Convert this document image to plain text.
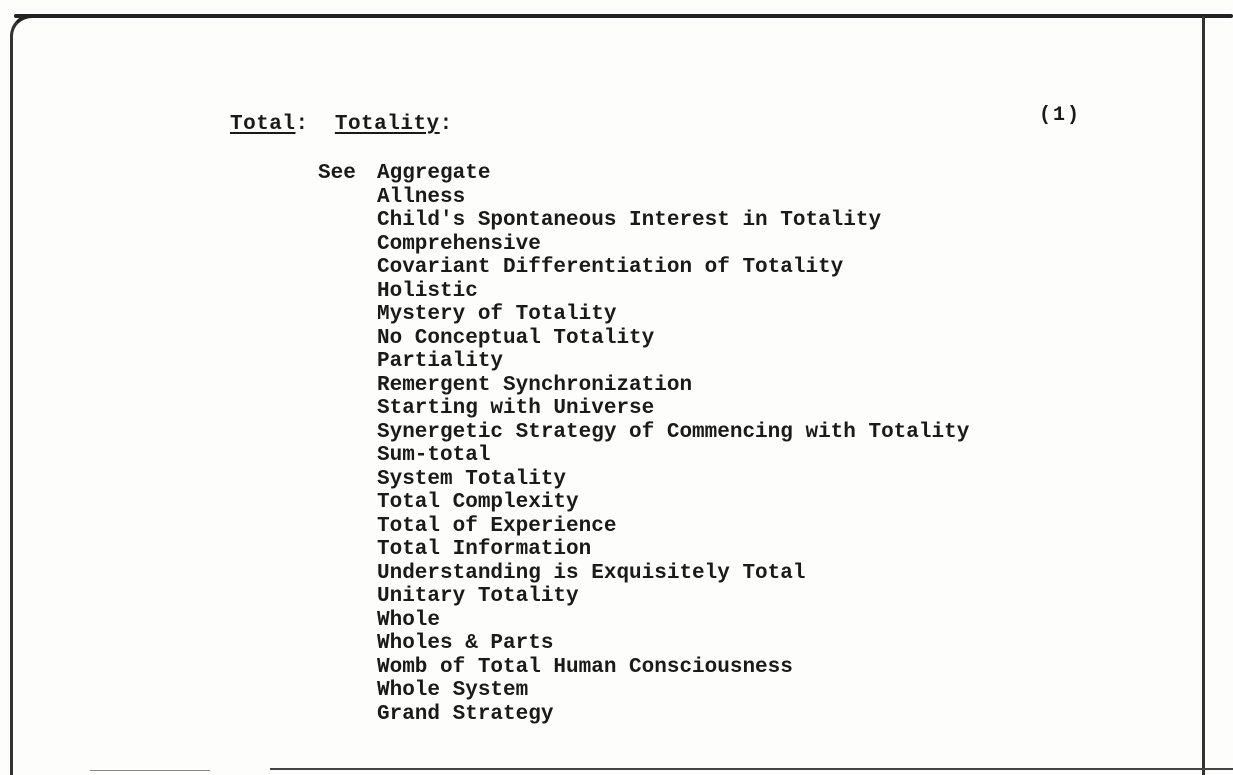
Total: Totality:	(1)
See Aggregate
Allness
Child's Spontaneous Interest in Totality
Comprehensive
Covariant Differentiation of Totality
Holistic
Mystery of Totality
No Conceptual Totality
Partiality
Remergent Synchronization
Starting with Universe
Synergetic Strategy of Commencing with Totality
Sum-total
System Totality
Total Complexity
Total of Experience
Total Information
Understanding is Exquisitely Total
Unitary Totality
Whole
Wholes & Parts
Womb of Total Human Consciousness
Whole System
Grand Strategy
